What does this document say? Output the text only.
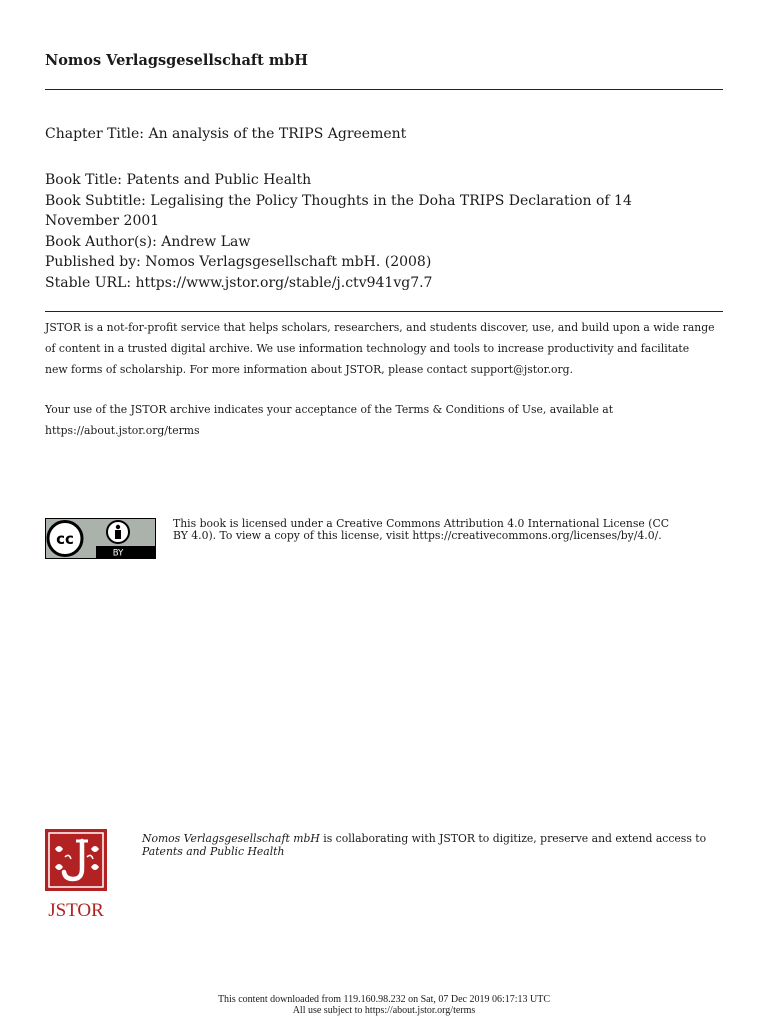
Nomos Verlagsgesellschaft mbH
Chapter Title: An analysis of the TRIPS Agreement
Book Title: Patents and Public Health
Book Subtitle: Legalising the Policy Thoughts in the Doha TRIPS Declaration of 14 November 2001
Book Author(s): Andrew Law
Published by: Nomos Verlagsgesellschaft mbH. (2008)
Stable URL: https://www.jstor.org/stable/j.ctv941vg7.7
JSTOR is a not-for-profit service that helps scholars, researchers, and students discover, use, and build upon a wide range of content in a trusted digital archive. We use information technology and tools to increase productivity and facilitate new forms of scholarship. For more information about JSTOR, please contact support@jstor.org.
Your use of the JSTOR archive indicates your acceptance of the Terms & Conditions of Use, available at https://about.jstor.org/terms
cc
BY
This book is licensed under a Creative Commons Attribution 4.0 International License (CC BY 4.0). To view a copy of this license, visit https://creativecommons.org/licenses/by/4.0/.
JSTOR
Nomos Verlagsgesellschaft mbH is collaborating with JSTOR to digitize, preserve and extend access to Patents and Public Health
This content downloaded from 119.160.98.232 on Sat, 07 Dec 2019 06:17:13 UTC
All use subject to https://about.jstor.org/terms
